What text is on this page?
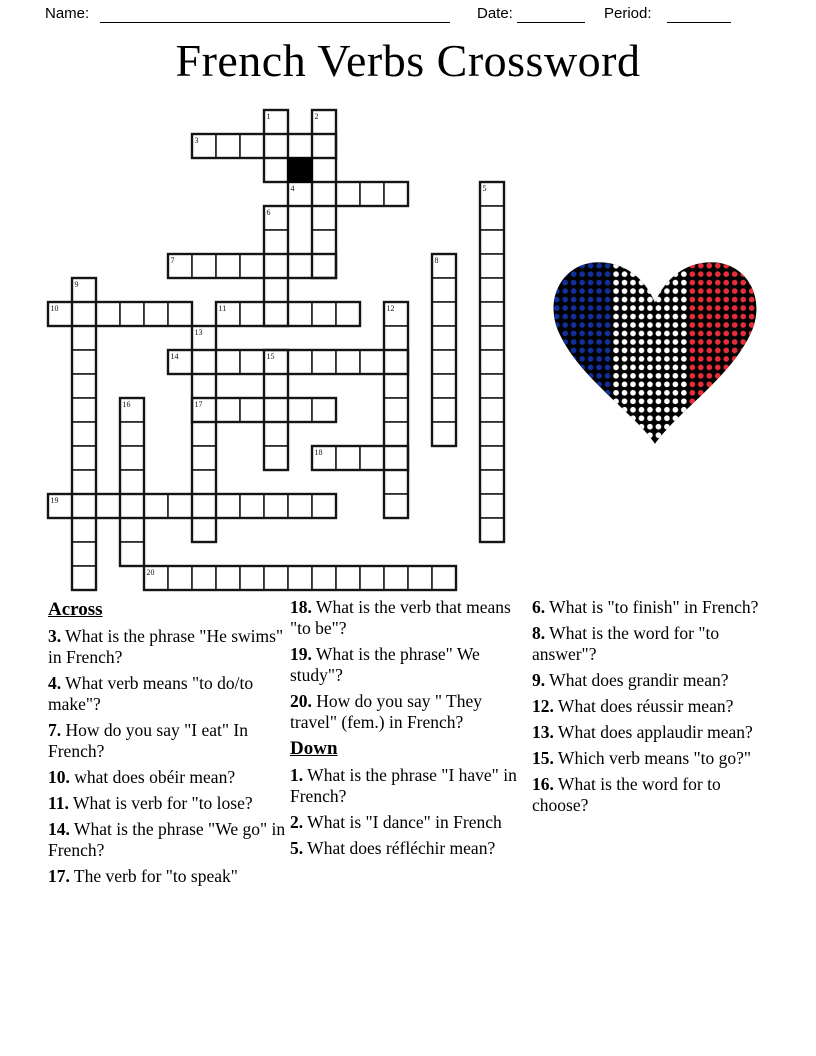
Name:	Date:	Period:
French Verbs Crossword
1	2
3
4	5
6
7	8
9
10	11	12
13
17
14	15
16
18
19
20
Across
3. What is the phrase "He swims" in French?
4. What verb means "to do/to make"?
7. How do you say "I eat" In French?
10. what does obéir mean?
11. What is verb for "to lose?
14. What is the phrase "We go" in French?
17. The verb for "to speak"
18. What is the verb that means "to be"?
19. What is the phrase" We study"?
20. How do you say " They travel" (fem.) in French?
Down
1. What is the phrase "I have" in French?
2. What is "I dance" in French
5. What does réfléchir mean?
6. What is "to finish" in French?
8. What is the word for "to answer"?
9. What does grandir mean?
12. What does réussir mean?
13. What does applaudir mean?
15. Which verb means "to go?"
16. What is the word for to choose?
